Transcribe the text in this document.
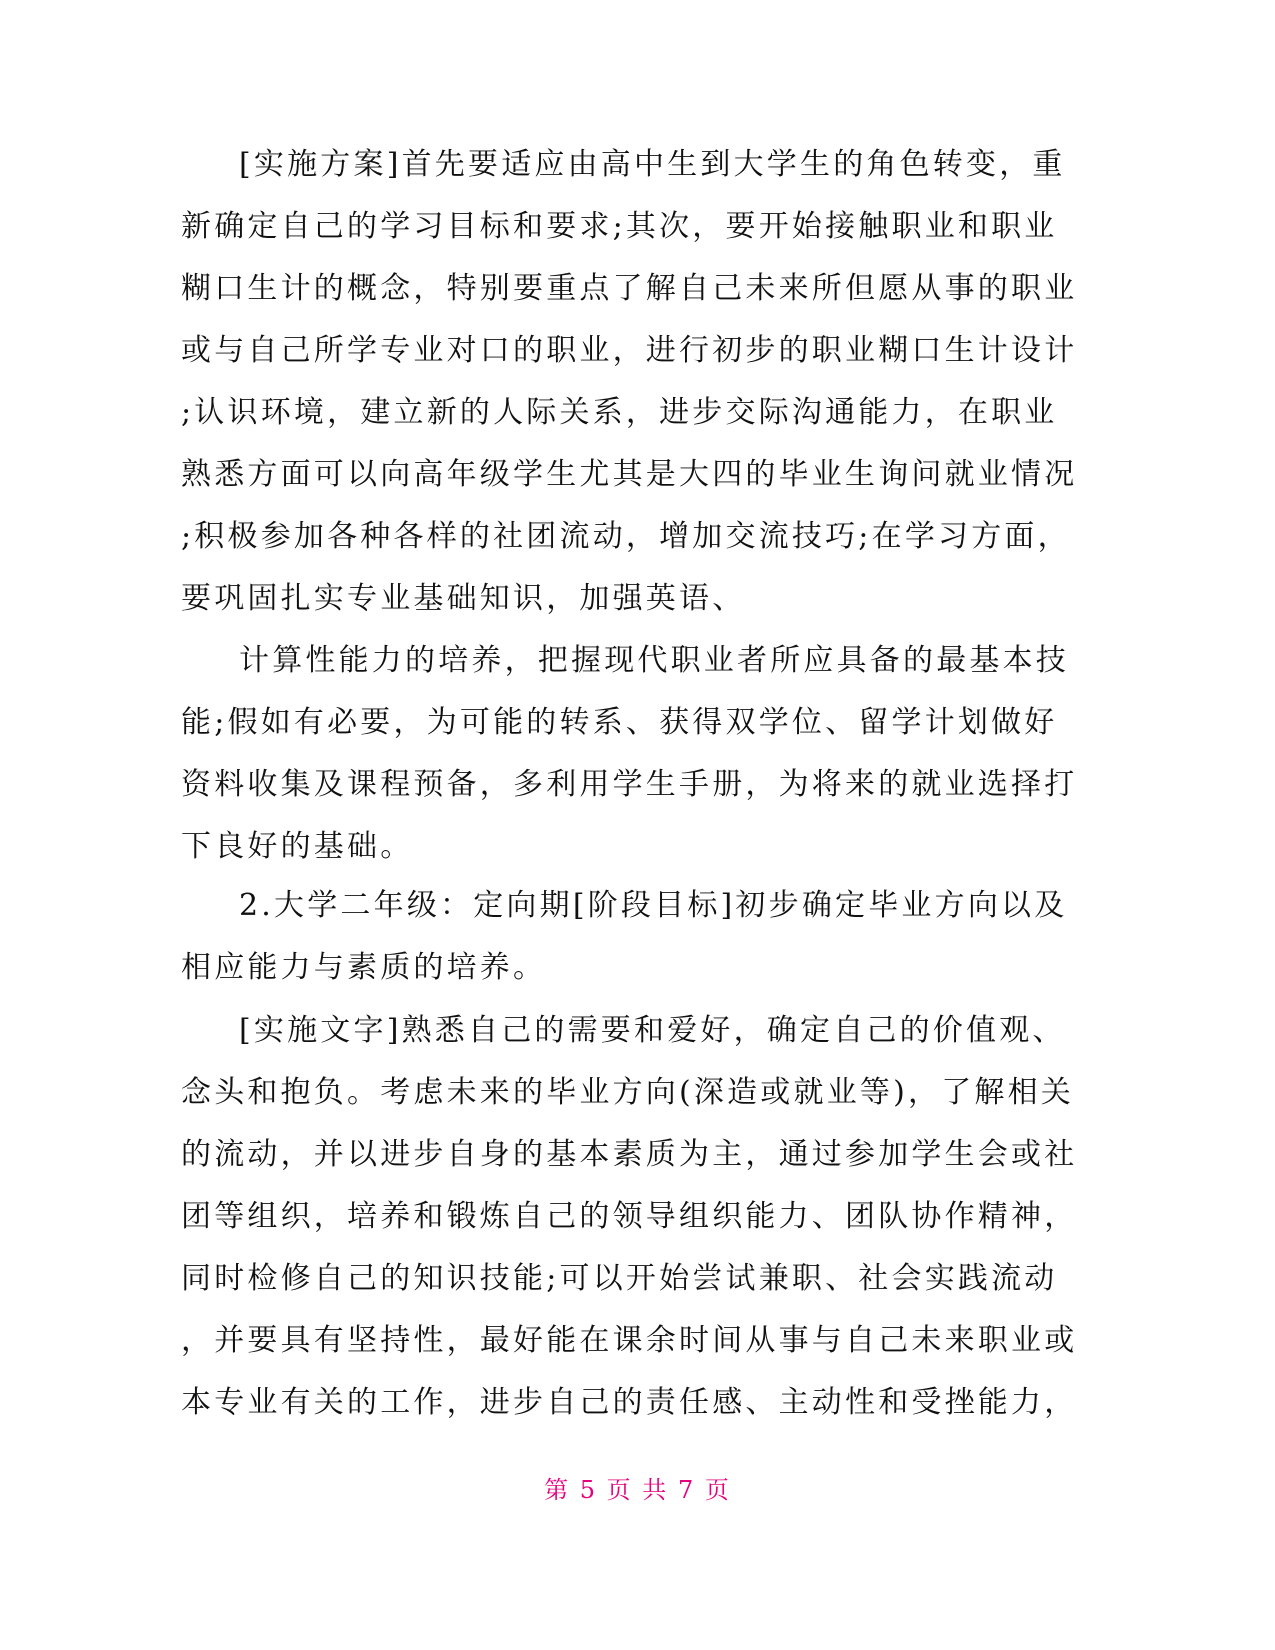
[实施方案]首先要适应由高中生到大学生的角色转变，重
新确定自己的学习目标和要求;其次，要开始接触职业和职业
糊口生计的概念，特别要重点了解自己未来所但愿从事的职业
或与自己所学专业对口的职业，进行初步的职业糊口生计设计
;认识环境，建立新的人际关系，进步交际沟通能力，在职业
熟悉方面可以向高年级学生尤其是大四的毕业生询问就业情况
;积极参加各种各样的社团流动，增加交流技巧;在学习方面，
要巩固扎实专业基础知识，加强英语、
计算性能力的培养，把握现代职业者所应具备的最基本技
能;假如有必要，为可能的转系、获得双学位、留学计划做好
资料收集及课程预备，多利用学生手册，为将来的就业选择打
下良好的基础。
2.大学二年级：定向期[阶段目标]初步确定毕业方向以及
相应能力与素质的培养。
[实施文字]熟悉自己的需要和爱好，确定自己的价值观、
念头和抱负。考虑未来的毕业方向(深造或就业等)，了解相关
的流动，并以进步自身的基本素质为主，通过参加学生会或社
团等组织，培养和锻炼自己的领导组织能力、团队协作精神，
同时检修自己的知识技能;可以开始尝试兼职、社会实践流动
，并要具有坚持性，最好能在课余时间从事与自己未来职业或
本专业有关的工作，进步自己的责任感、主动性和受挫能力，
第 5 页 共 7 页
